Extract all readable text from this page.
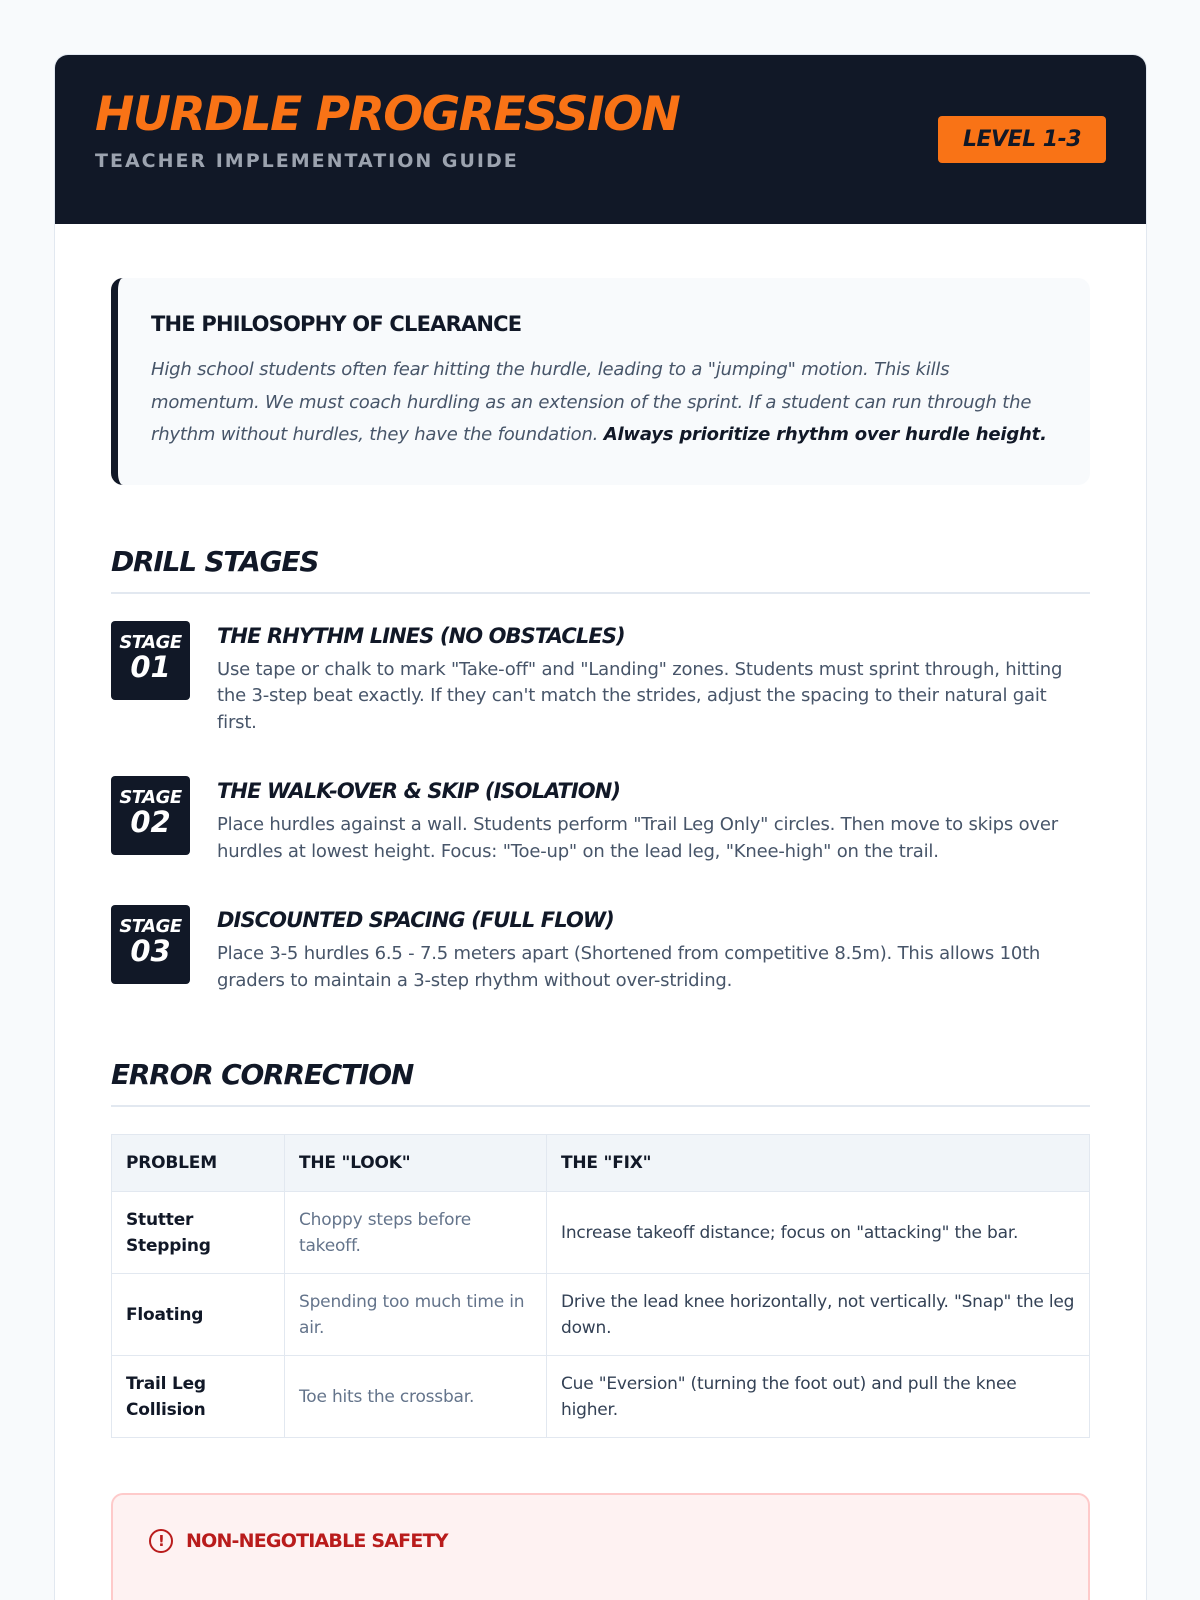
HURDLE PROGRESSION
TEACHER IMPLEMENTATION GUIDE
LEVEL 1-3
THE PHILOSOPHY OF CLEARANCE

High school students often fear hitting the hurdle, leading to a "jumping" motion. This kills momentum. We must coach hurdling as an extension of the sprint. If a student can run through the rhythm without hurdles, they have the foundation. Always prioritize rhythm over hurdle height.

DRILL STAGES
STAGE
01
THE RHYTHM LINES (NO OBSTACLES)

Use tape or chalk to mark "Take-off" and "Landing" zones. Students must sprint through, hitting the 3-step beat exactly. If they can't match the strides, adjust the spacing to their natural gait first.

STAGE
02
THE WALK-OVER & SKIP (ISOLATION)

Place hurdles against a wall. Students perform "Trail Leg Only" circles. Then move to skips over hurdles at lowest height. Focus: "Toe-up" on the lead leg, "Knee-high" on the trail.

STAGE
03
DISCOUNTED SPACING (FULL FLOW)

Place 3-5 hurdles 6.5 - 7.5 meters apart (Shortened from competitive 8.5m). This allows 10th graders to maintain a 3-step rhythm without over-striding.

ERROR CORRECTION
PROBLEM	THE "LOOK"	THE "FIX"
Stutter Stepping	Choppy steps before takeoff.	Increase takeoff distance; focus on "attacking" the bar.
Floating	Spending too much time in air.	Drive the lead knee horizontally, not vertically. "Snap" the leg down.
Trail Leg Collision	Toe hits the crossbar.	Cue "Eversion" (turning the foot out) and pull the knee higher.
!	NON-NEGOTIABLE SAFETY
